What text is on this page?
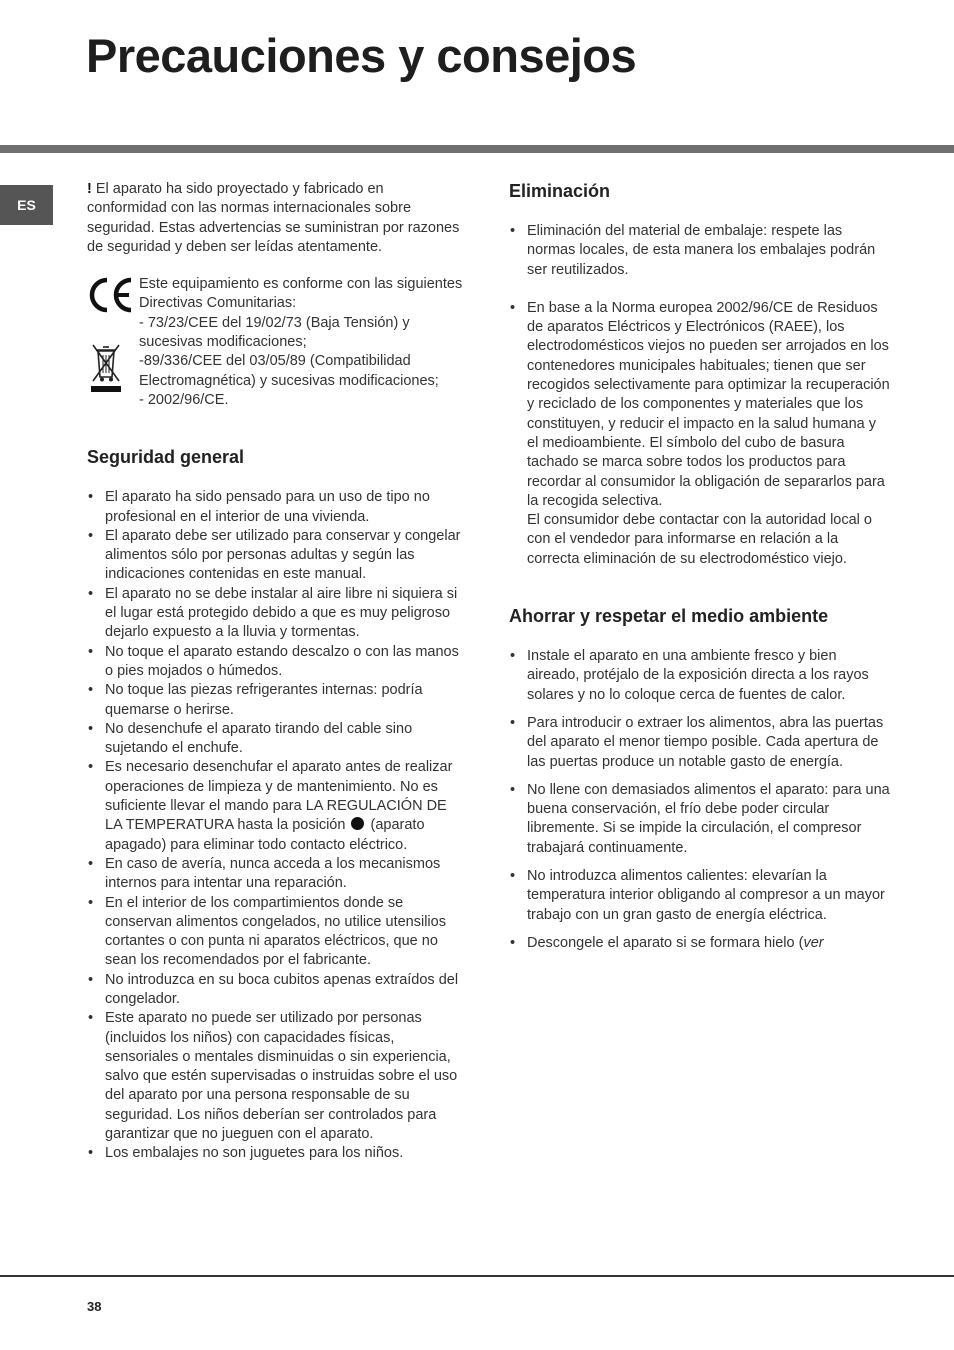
Precauciones y consejos
ES

! El aparato ha sido proyectado y fabricado en conformidad con las normas internacionales sobre seguridad. Estas advertencias se suministran por razones de seguridad y deben ser leídas atentamente.

Este equipamiento es conforme con las siguientes Directivas Comunitarias:
- 73/23/CEE del 19/02/73 (Baja Tensión) y sucesivas modificaciones;
-89/336/CEE del 03/05/89 (Compatibilidad Electromagnética) y sucesivas modificaciones;
- 2002/96/CE.
Seguridad general
• El aparato ha sido pensado para un uso de tipo no profesional en el interior de una vivienda.
• El aparato debe ser utilizado para conservar y congelar alimentos sólo por personas adultas y según las indicaciones contenidas en este manual.
• El aparato no se debe instalar al aire libre ni siquiera si el lugar está protegido debido a que es muy peligroso dejarlo expuesto a la lluvia y tormentas.
• No toque el aparato estando descalzo o con las manos o pies mojados o húmedos.
• No toque las piezas refrigerantes internas: podría quemarse o herirse.
• No desenchufe el aparato tirando del cable sino sujetando el enchufe.
• Es necesario desenchufar el aparato antes de realizar operaciones de limpieza y de mantenimiento. No es suficiente llevar el mando para LA REGULACIÓN DE LA TEMPERATURA hasta la posición (aparato apagado) para eliminar todo contacto eléctrico.
• En caso de avería, nunca acceda a los mecanismos internos para intentar una reparación.
• En el interior de los compartimientos donde se conservan alimentos congelados, no utilice utensilios cortantes o con punta ni aparatos eléctricos, que no sean los recomendados por el fabricante.
• No introduzca en su boca cubitos apenas extraídos del congelador.
• Este aparato no puede ser utilizado por personas (incluidos los niños) con capacidades físicas, sensoriales o mentales disminuidas o sin experiencia, salvo que estén supervisadas o instruidas sobre el uso del aparato por una persona responsable de su seguridad. Los niños deberían ser controlados para garantizar que no jueguen con el aparato.
• Los embalajes no son juguetes para los niños.
Eliminación
• Eliminación del material de embalaje: respete las normas locales, de esta manera los embalajes podrán ser reutilizados.

• En base a la Norma europea 2002/96/CE de Residuos de aparatos Eléctricos y Electrónicos (RAEE), los electrodomésticos viejos no pueden ser arrojados en los contenedores municipales habituales; tienen que ser recogidos selectivamente para optimizar la recuperación y reciclado de los componentes y materiales que los constituyen, y reducir el impacto en la salud humana y el medioambiente. El símbolo del cubo de basura tachado se marca sobre todos los productos para recordar al consumidor la obligación de separarlos para la recogida selectiva.

El consumidor debe contactar con la autoridad local o con el vendedor para informarse en relación a la correcta eliminación de su electrodoméstico viejo.

Ahorrar y respetar el medio ambiente
• Instale el aparato en una ambiente fresco y bien aireado, protéjalo de la exposición directa a los rayos solares y no lo coloque cerca de fuentes de calor.
• Para introducir o extraer los alimentos, abra las puertas del aparato el menor tiempo posible. Cada apertura de las puertas produce un notable gasto de energía.
• No llene con demasiados alimentos el aparato: para una buena conservación, el frío debe poder circular libremente. Si se impide la circulación, el compresor trabajará continuamente.
• No introduzca alimentos calientes: elevarían la temperatura interior obligando al compresor a un mayor trabajo con un gran gasto de energía eléctrica.
• Descongele el aparato si se formara hielo (ver
38
